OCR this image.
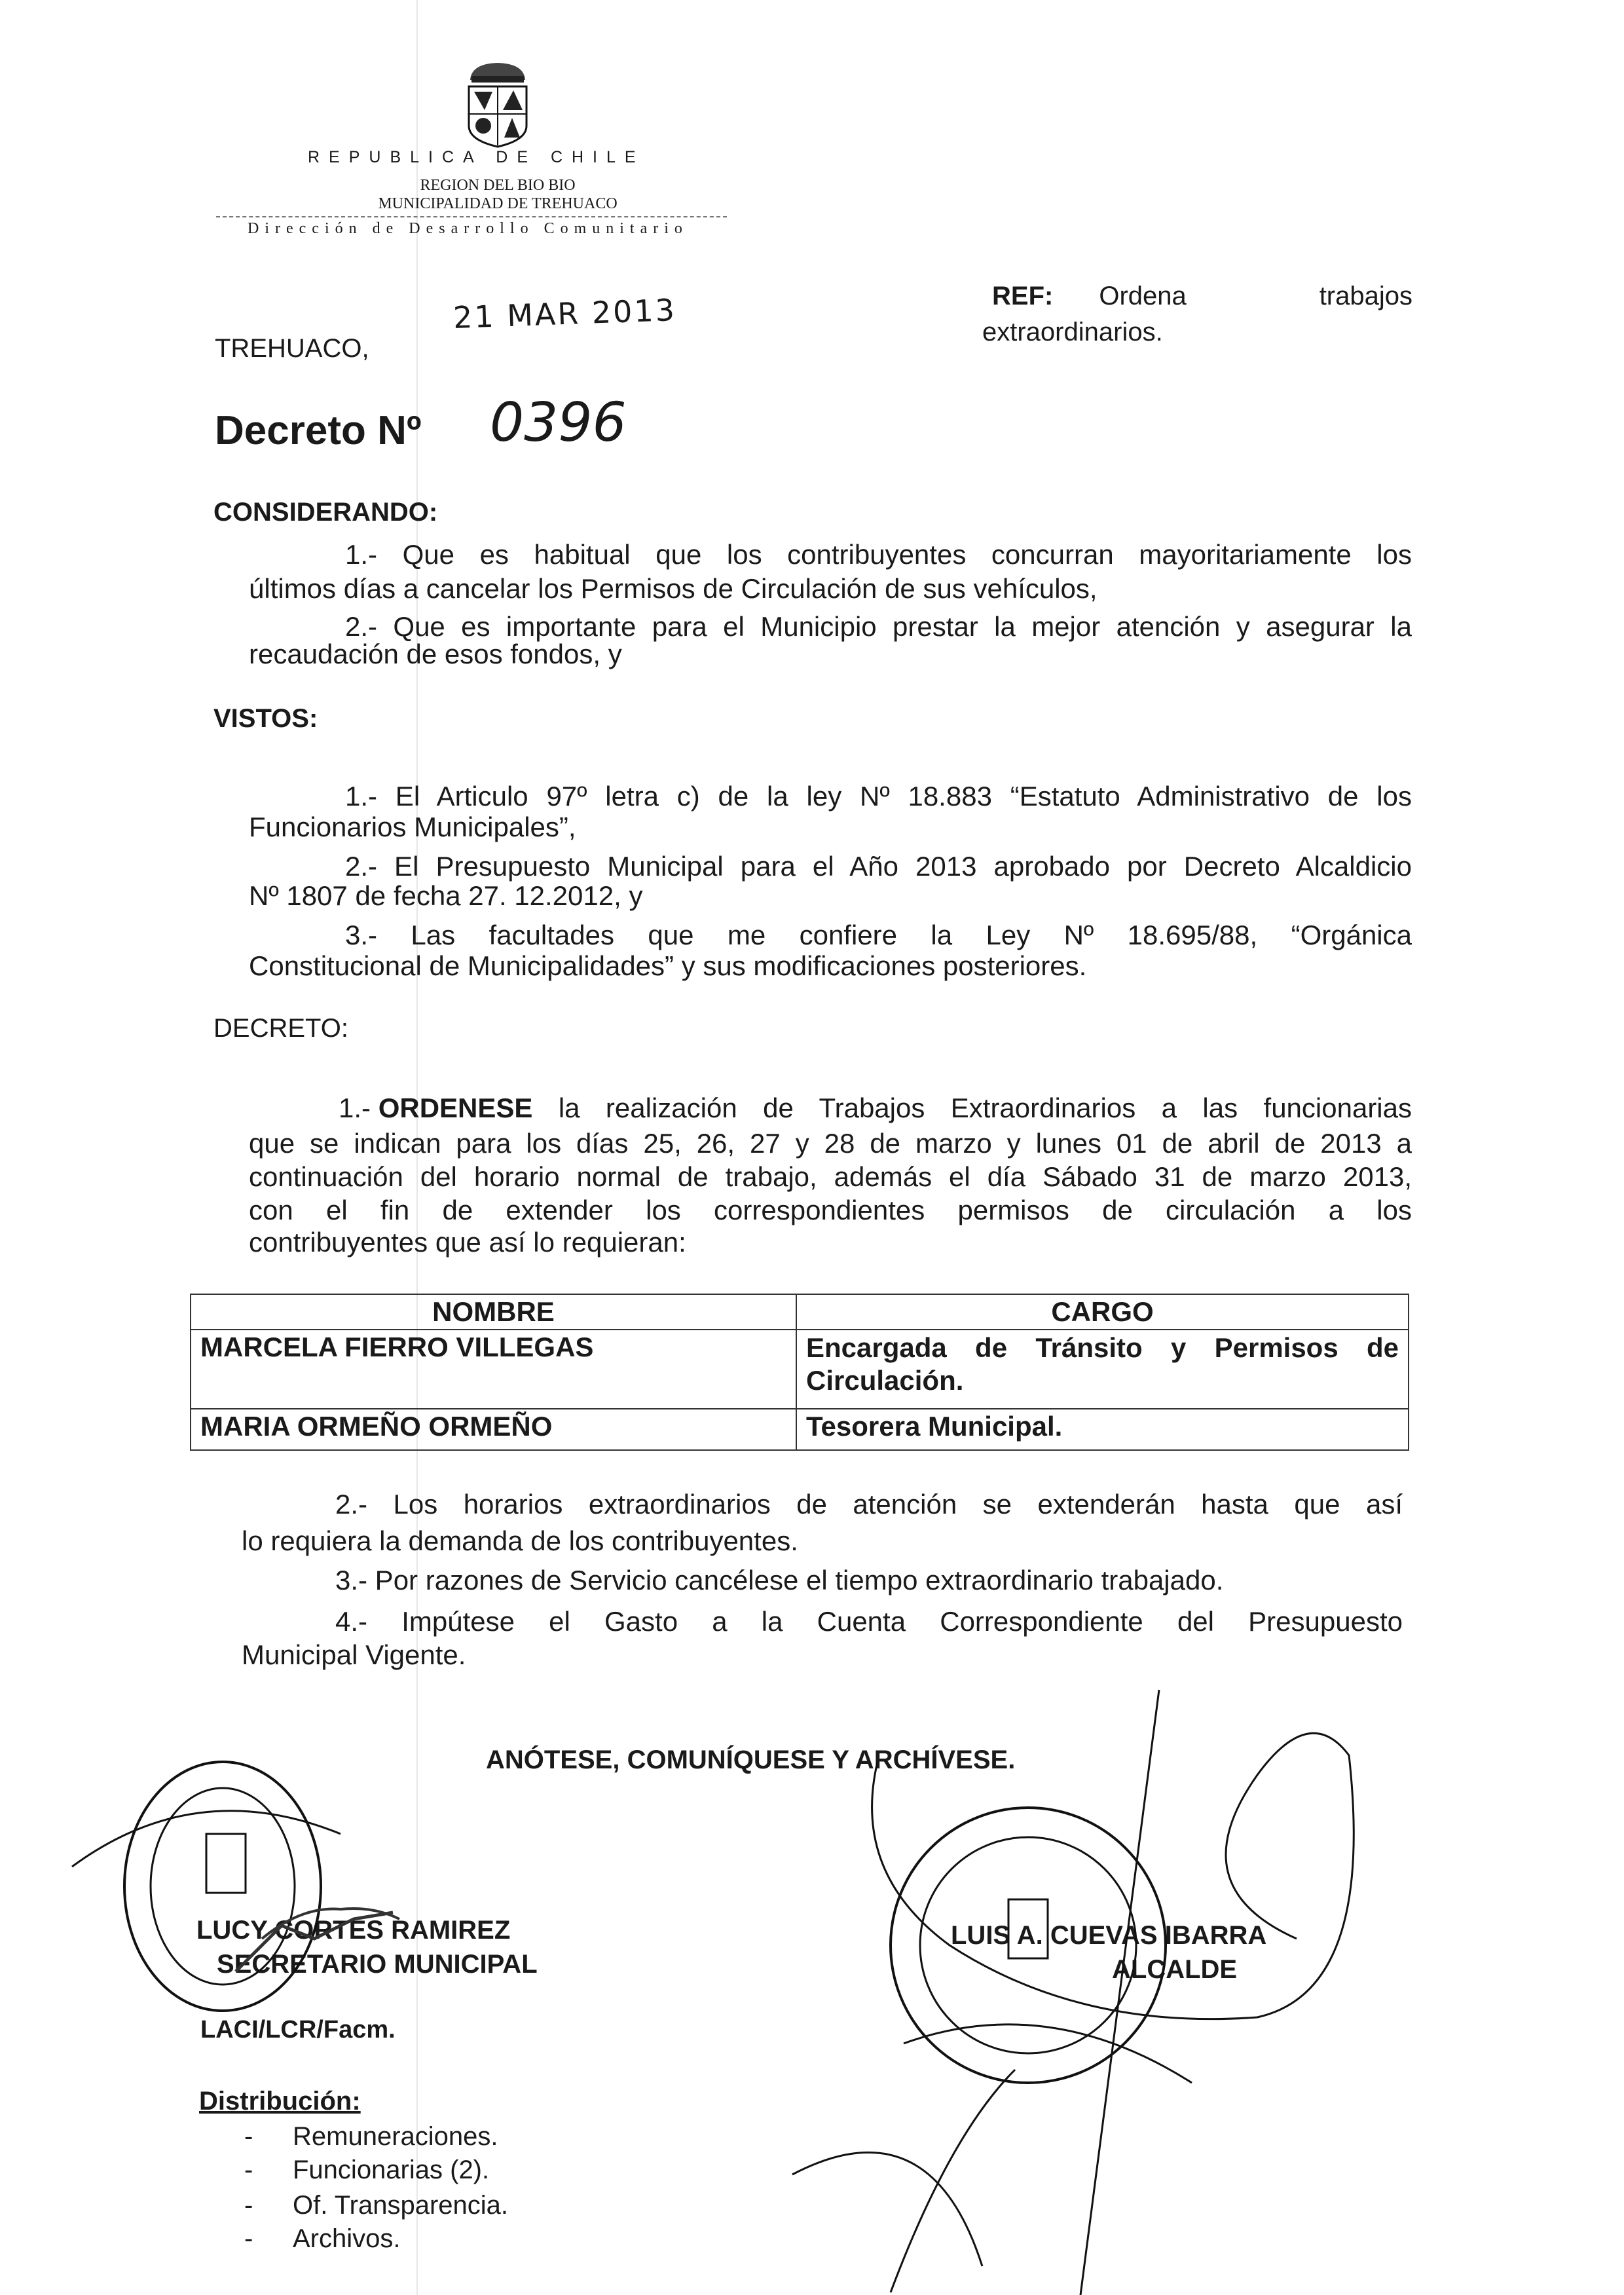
REPUBLICA DE CHILE
REGION DEL BIO BIO
MUNICIPALIDAD DE TREHUACO
Dirección de Desarrollo Comunitario
21 MAR 2013
TREHUACO,
REF: Ordena trabajos
extraordinarios.
Decreto Nº 0396
CONSIDERANDO:
1.- Que es habitual que los contribuyentes concurran mayoritariamente los
últimos días a cancelar los Permisos de Circulación de sus vehículos,
2.- Que es importante para el Municipio prestar la mejor atención y asegurar la
recaudación de esos fondos, y
VISTOS:
1.- El Articulo 97º letra c) de la ley Nº 18.883 “Estatuto Administrativo de los
Funcionarios Municipales”,
2.- El Presupuesto Municipal para el Año 2013 aprobado por Decreto Alcaldicio
Nº 1807 de fecha 27. 12.2012, y
3.- Las facultades que me confiere la Ley Nº 18.695/88, “Orgánica
Constitucional de Municipalidades” y sus modificaciones posteriores.
DECRETO:
1.- ORDENESE la realización de Trabajos Extraordinarios a las funcionarias
que se indican para los días 25, 26, 27 y 28 de marzo y lunes 01 de abril de 2013 a
continuación del horario normal de trabajo, además el día Sábado 31 de marzo 2013,
con el fin de extender los correspondientes permisos de circulación a los
contribuyentes que así lo requieran:
NOMBRE	CARGO
MARCELA FIERRO VILLEGAS	Encargada de Tránsito y Permisos de Circulación.
MARIA ORMEÑO ORMEÑO	Tesorera Municipal.
2.- Los horarios extraordinarios de atención se extenderán hasta que así
lo requiera la demanda de los contribuyentes.
3.- Por razones de Servicio cancélese el tiempo extraordinario trabajado.
4.- Impútese el Gasto a la Cuenta Correspondiente del Presupuesto
Municipal Vigente.
ANÓTESE, COMUNÍQUESE Y ARCHÍVESE.
LUCY CORTES RAMIREZ
SECRETARIO MUNICIPAL
LUIS A. CUEVAS IBARRA
ALCALDE
LACI/LCR/Facm.
Distribución:
- Remuneraciones.
- Funcionarias (2).
- Of. Transparencia.
- Archivos.
